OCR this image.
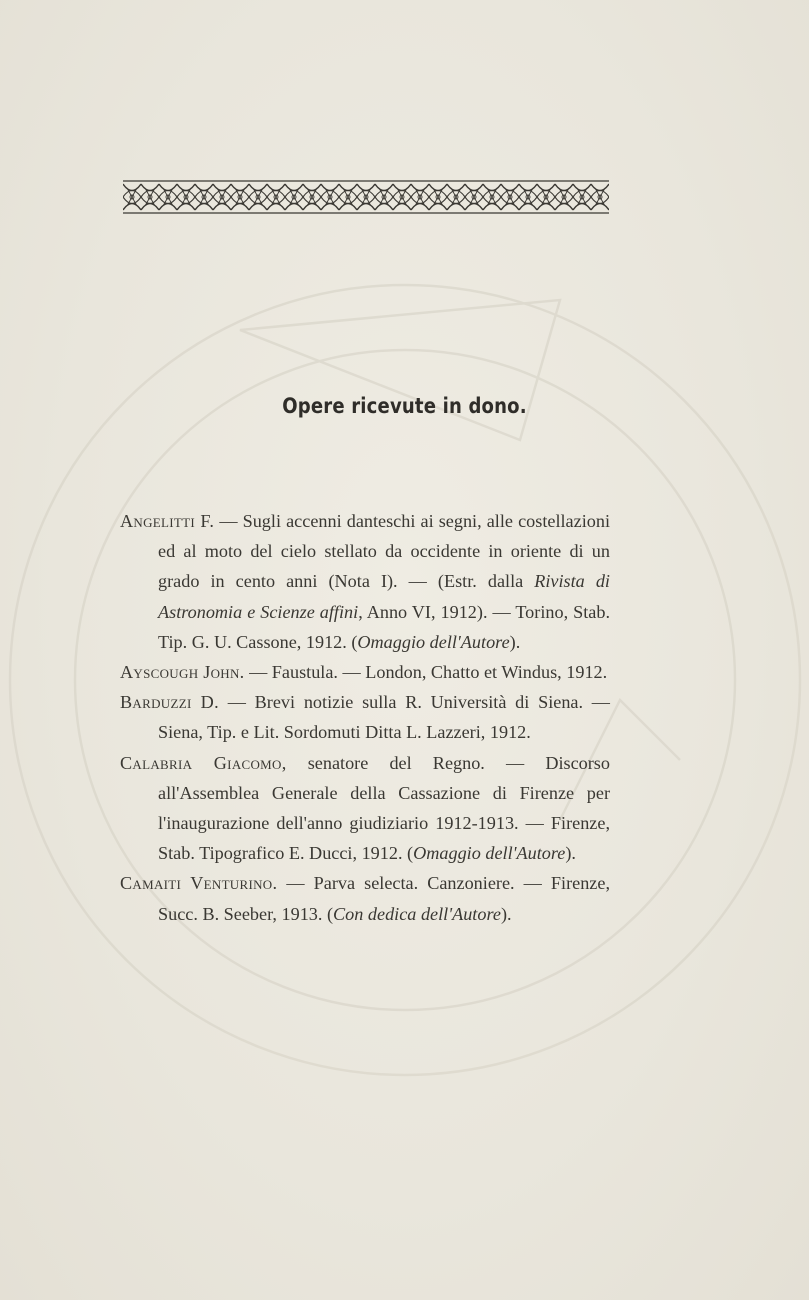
Opere ricevute in dono.

Angelitti F. — Sugli accenni danteschi ai segni, alle costellazioni ed al moto del cielo stellato da occidente in oriente di un grado in cento anni (Nota I). — (Estr. dalla Rivista di Astronomia e Scienze affini, Anno VI, 1912). — Torino, Stab. Tip. G. U. Cassone, 1912. (Omaggio dell'Autore).

Ayscough John. — Faustula. — London, Chatto et Windus, 1912.

Barduzzi D. — Brevi notizie sulla R. Università di Siena. — Siena, Tip. e Lit. Sordomuti Ditta L. Lazzeri, 1912.

Calabria Giacomo, senatore del Regno. — Discorso all'Assemblea Generale della Cassazione di Firenze per l'inaugurazione dell'anno giudiziario 1912-1913. — Firenze, Stab. Tipografico E. Ducci, 1912. (Omaggio dell'Autore).

Camaiti Venturino. — Parva selecta. Canzoniere. — Firenze, Succ. B. Seeber, 1913. (Con dedica dell'Autore).
